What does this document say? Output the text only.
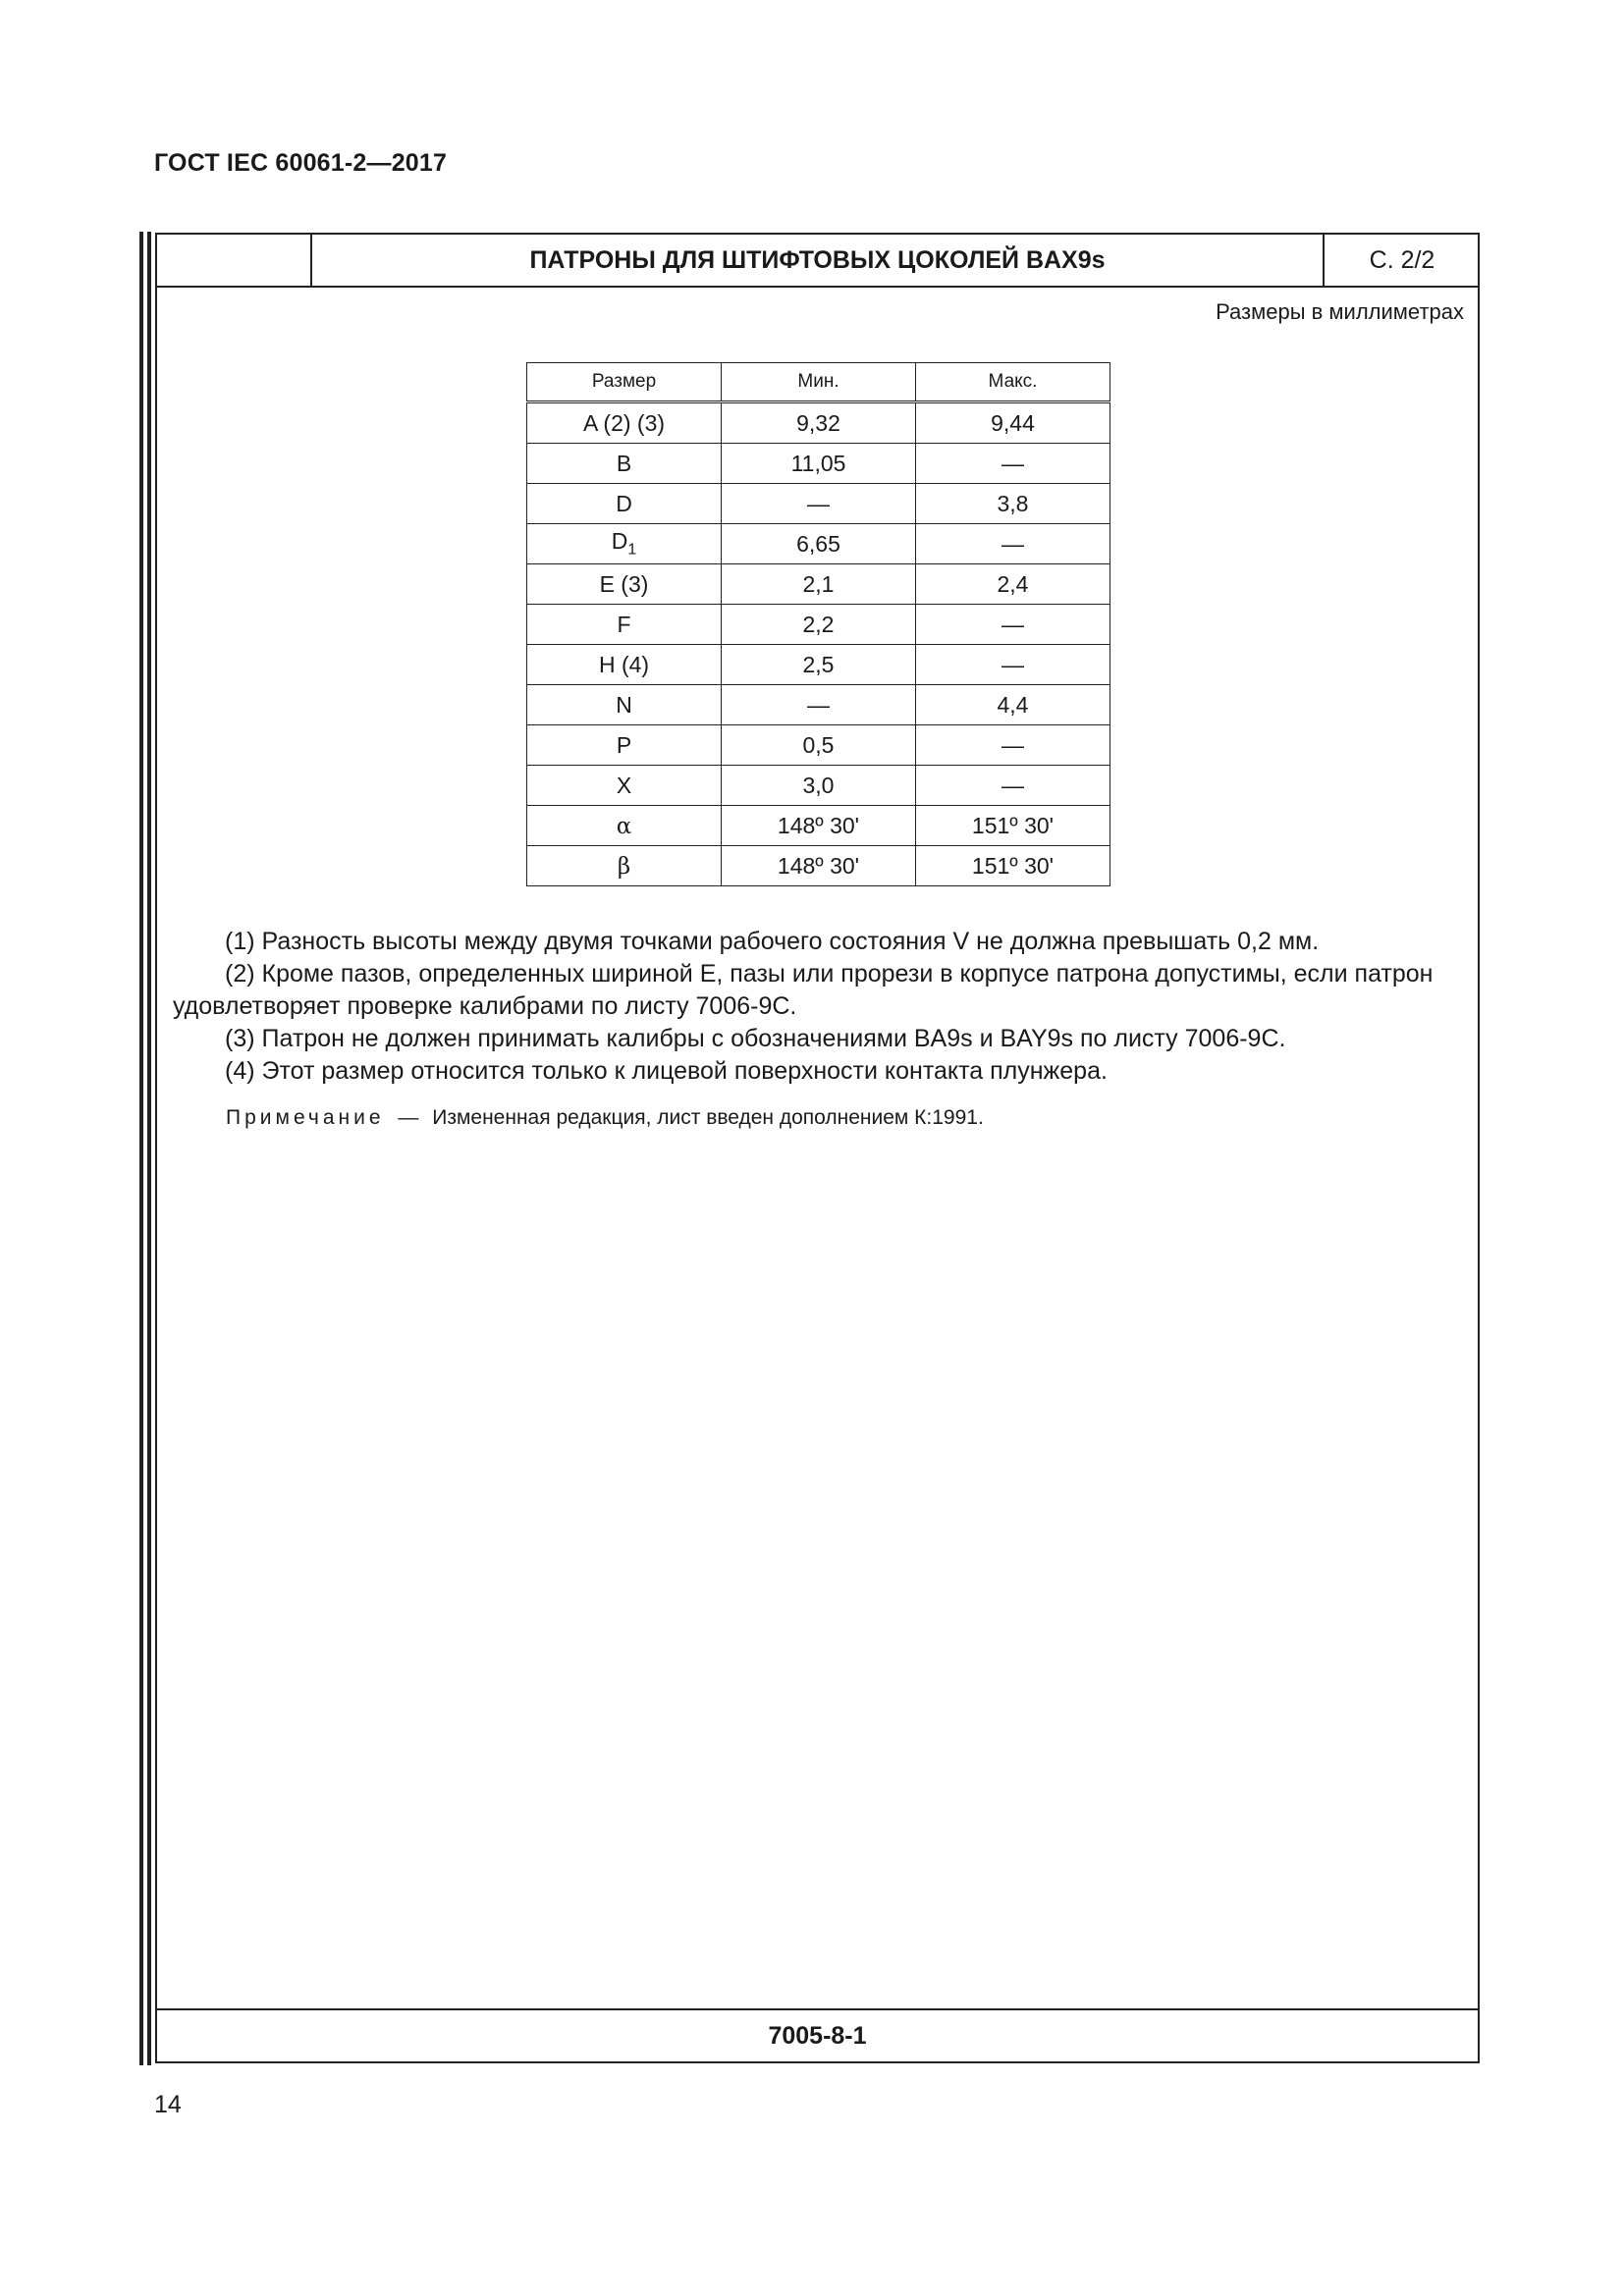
ГОСТ IEC 60061-2—2017
ПАТРОНЫ ДЛЯ ШТИФТОВЫХ ЦОКОЛЕЙ BAX9s	С. 2/2
Размеры в миллиметрах
Размер	Мин.	Макс.
A (2) (3)	9,32	9,44
B	11,05	—
D	—	3,8
$D_1$	6,65	—
E (3)	2,1	2,4
F	2,2	—
H (4)	2,5	—
N	—	4,4
P	0,5	—
X	3,0	—
α	148º 30'	151º 30'
β	148º 30'	151º 30'

(1) Разность высоты между двумя точками рабочего состояния V не должна превышать 0,2 мм.

(2) Кроме пазов, определенных шириной E, пазы или прорези в корпусе патрона допустимы, если патрон удовлетворяет проверке калибрами по листу 7006-9С.

(3) Патрон не должен принимать калибры с обозначениями BA9s и BAY9s по листу 7006-9С.

(4) Этот размер относится только к лицевой поверхности контакта плунжера.

Примечание — Измененная редакция, лист введен дополнением К:1991.
7005-8-1
14
